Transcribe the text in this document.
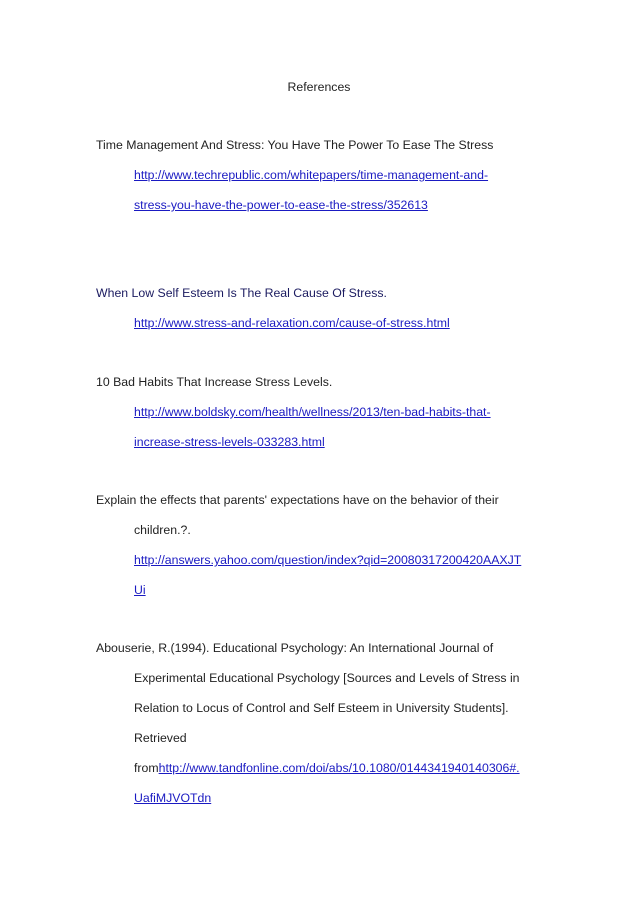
References
Time Management And Stress: You Have The Power To Ease The Stress
http://www.techrepublic.com/whitepapers/time-management-and-
stress-you-have-the-power-to-ease-the-stress/352613
When Low Self Esteem Is The Real Cause Of Stress.
http://www.stress-and-relaxation.com/cause-of-stress.html
10 Bad Habits That Increase Stress Levels.
http://www.boldsky.com/health/wellness/2013/ten-bad-habits-that-
increase-stress-levels-033283.html
Explain the effects that parents' expectations have on the behavior of their
children.?.
http://answers.yahoo.com/question/index?qid=20080317200420AAXJT
Ui
Abouserie, R.(1994). Educational Psychology: An International Journal of
Experimental Educational Psychology [Sources and Levels of Stress in
Relation to Locus of Control and Self Esteem in University Students].
Retrieved
fromhttp://www.tandfonline.com/doi/abs/10.1080/0144341940140306#.
UafiMJVOTdn
